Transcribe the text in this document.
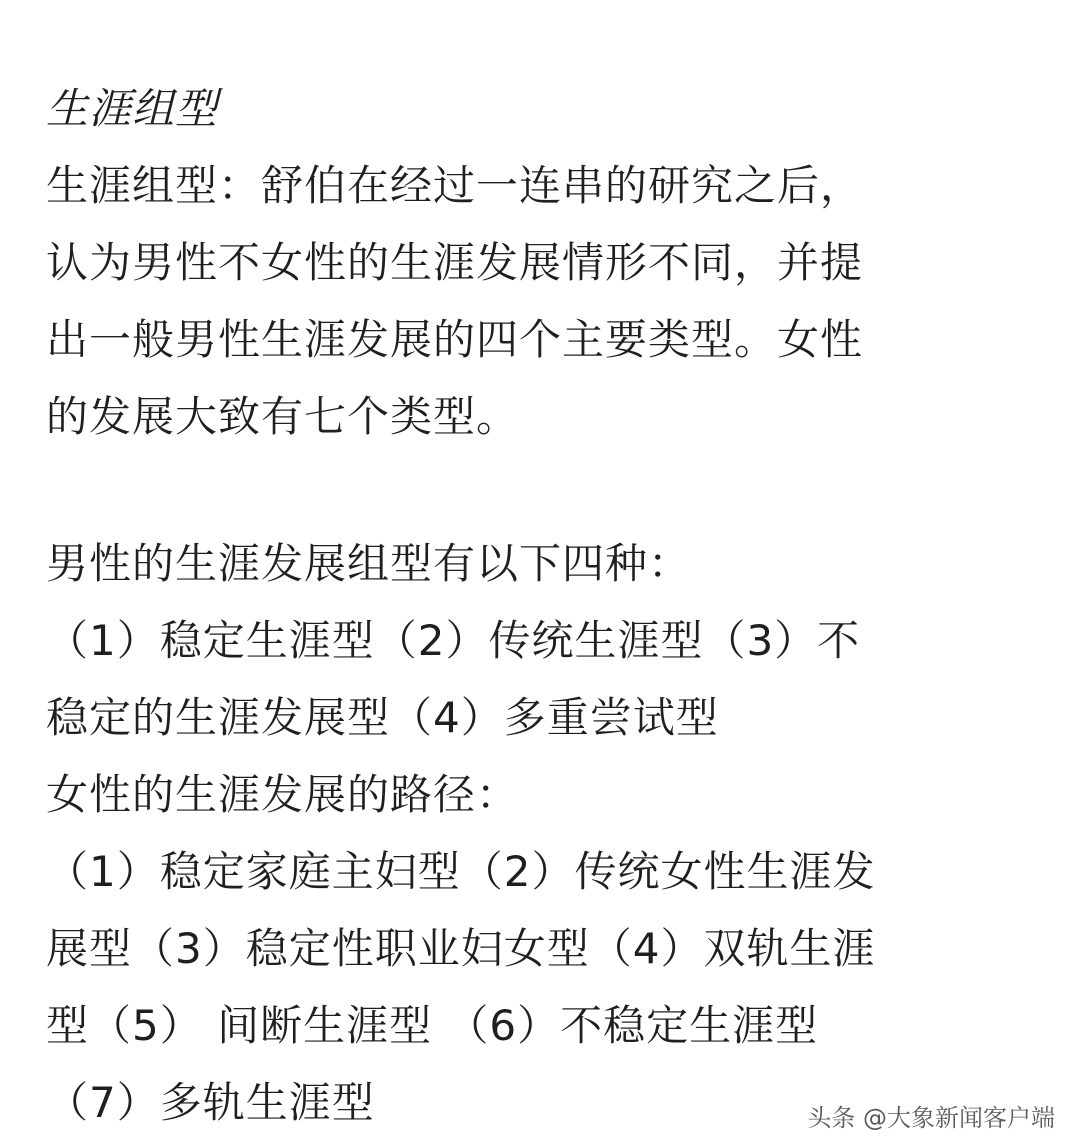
生涯组型
生涯组型：舒伯在经过一连串的研究之后，
认为男性不女性的生涯发展情形不同，并提
出一般男性生涯发展的四个主要类型。女性
的发展大致有七个类型。
男性的生涯发展组型有以下四种：
（1）稳定生涯型（2）传统生涯型（3）不
稳定的生涯发展型（4）多重尝试型
女性的生涯发展的路径：
（1）稳定家庭主妇型（2）传统女性生涯发
展型（3）稳定性职业妇女型（4）双轨生涯
型（5） 间断生涯型 （6）不稳定生涯型
（7）多轨生涯型	头条 @大象新闻客户端
